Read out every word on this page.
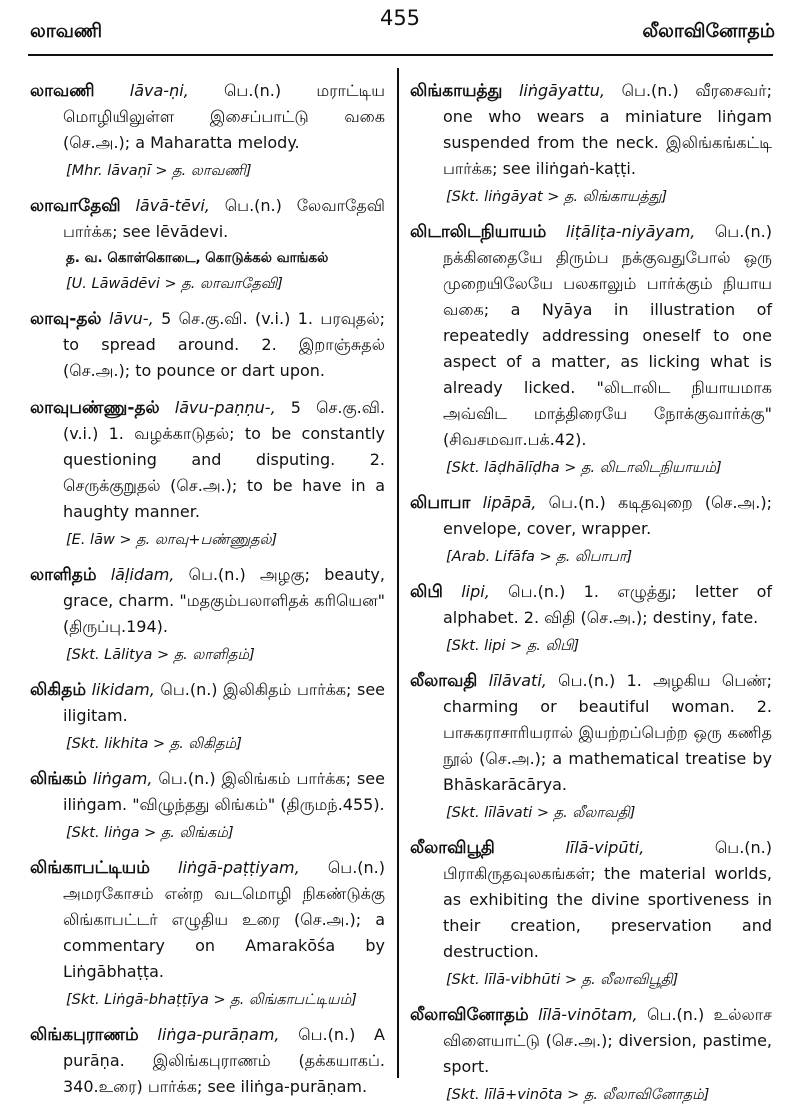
லாவணி
455
லீலாவினோதம்
லாவணி lāva-ṇi, பெ.(n.) மராட்டிய மொழியிலுள்ள இசைப்பாட்டு வகை (செ.அ.); a Maharatta melody.
[Mhr. lāvaṇī > த. லாவணி]
லாவாதேவி lāvā-tēvi, பெ.(n.) லேவாதேவி பார்க்க; see lēvādevi.
த. வ. கொள்கொடை, கொடுக்கல் வாங்கல்
[U. Lāwādēvi > த. லாவாதேவி]
லாவு-தல் lāvu-, 5 செ.கு.வி. (v.i.) 1. பரவுதல்; to spread around. 2. இறாஞ்சுதல் (செ.அ.); to pounce or dart upon.
லாவுபண்ணு-தல் lāvu-paṇṇu-, 5 செ.கு.வி. (v.i.) 1. வழக்காடுதல்; to be constantly questioning and disputing. 2. செருக்குறுதல் (செ.அ.); to be have in a haughty manner.
[E. lāw > த. லாவு+பண்ணுதல்]
லாளிதம் lāḷidam, பெ.(n.) அழகு; beauty, grace, charm. "மதகும்பலாளிதக் கரியென" (திருப்பு.194).
[Skt. Lālitya > த. லாளிதம்]
லிகிதம் likidam, பெ.(n.) இலிகிதம் பார்க்க; see iligitam.
[Skt. likhita > த. லிகிதம்]
லிங்கம் liṅgam, பெ.(n.) இலிங்கம் பார்க்க; see iliṅgam. "விழுந்தது லிங்கம்" (திருமந்.455).
[Skt. liṅga > த. லிங்கம்]
லிங்காபட்டியம் liṅgā-paṭṭiyam, பெ.(n.) அமரகோசம் என்ற வடமொழி நிகண்டுக்கு லிங்காபட்டர் எழுதிய உரை (செ.அ.); a commentary on Amarakōśa by Liṅgābhaṭṭa.
[Skt. Liṅgā-bhaṭṭīya > த. லிங்காபட்டியம்]
லிங்கபுராணம் liṅga-purāṇam, பெ.(n.) A purāṇa. இலிங்கபுராணம் (தக்கயாகப். 340.உரை) பார்க்க; see iliṅga-purāṇam.
லிங்காயத்து liṅgāyattu, பெ.(n.) வீரசைவர்; one who wears a miniature liṅgam suspended from the neck. இலிங்கங்கட்டி பார்க்க; see iliṅgaṅ-kaṭṭi.
[Skt. liṅgāyat > த. லிங்காயத்து]
லிடாலிடநியாயம் liṭāliṭa-niyāyam, பெ.(n.) நக்கினதையே திரும்ப நக்குவதுபோல் ஒரு முறையிலேயே பலகாலும் பார்க்கும் நியாய வகை; a Nyāya in illustration of repeatedly addressing oneself to one aspect of a matter, as licking what is already licked. "லிடாலிட நியாயமாக அவ்விட மாத்திரையே நோக்குவார்க்கு" (சிவசமவா.பக்.42).
[Skt. lāḍhālīḍha > த. லிடாலிடநியாயம்]
லிபாபா lipāpā, பெ.(n.) கடிதவுறை (செ.அ.); envelope, cover, wrapper.
[Arab. Lifāfa > த. லிபாபா]
லிபி lipi, பெ.(n.) 1. எழுத்து; letter of alphabet. 2. விதி (செ.அ.); destiny, fate.
[Skt. lipi > த. லிபி]
லீலாவதி līlāvati, பெ.(n.) 1. அழகிய பெண்; charming or beautiful woman. 2. பாசுகராசாரியரால் இயற்றப்பெற்ற ஒரு கணித நூல் (செ.அ.); a mathematical treatise by Bhāskarācārya.
[Skt. līlāvati > த. லீலாவதி]
லீலாவிபூதி	līlā-vipūti,	பெ.(n.) பிராகிருதவுலகங்கள்; the material worlds, as exhibiting the divine sportiveness in their creation, preservation and destruction.
[Skt. līlā-vibhūti > த. லீலாவிபூதி]
லீலாவினோதம் līlā-vinōtam, பெ.(n.) உல்லாச விளையாட்டு (செ.அ.); diversion, pastime, sport.
[Skt. līlā+vinōta > த. லீலாவினோதம்]
